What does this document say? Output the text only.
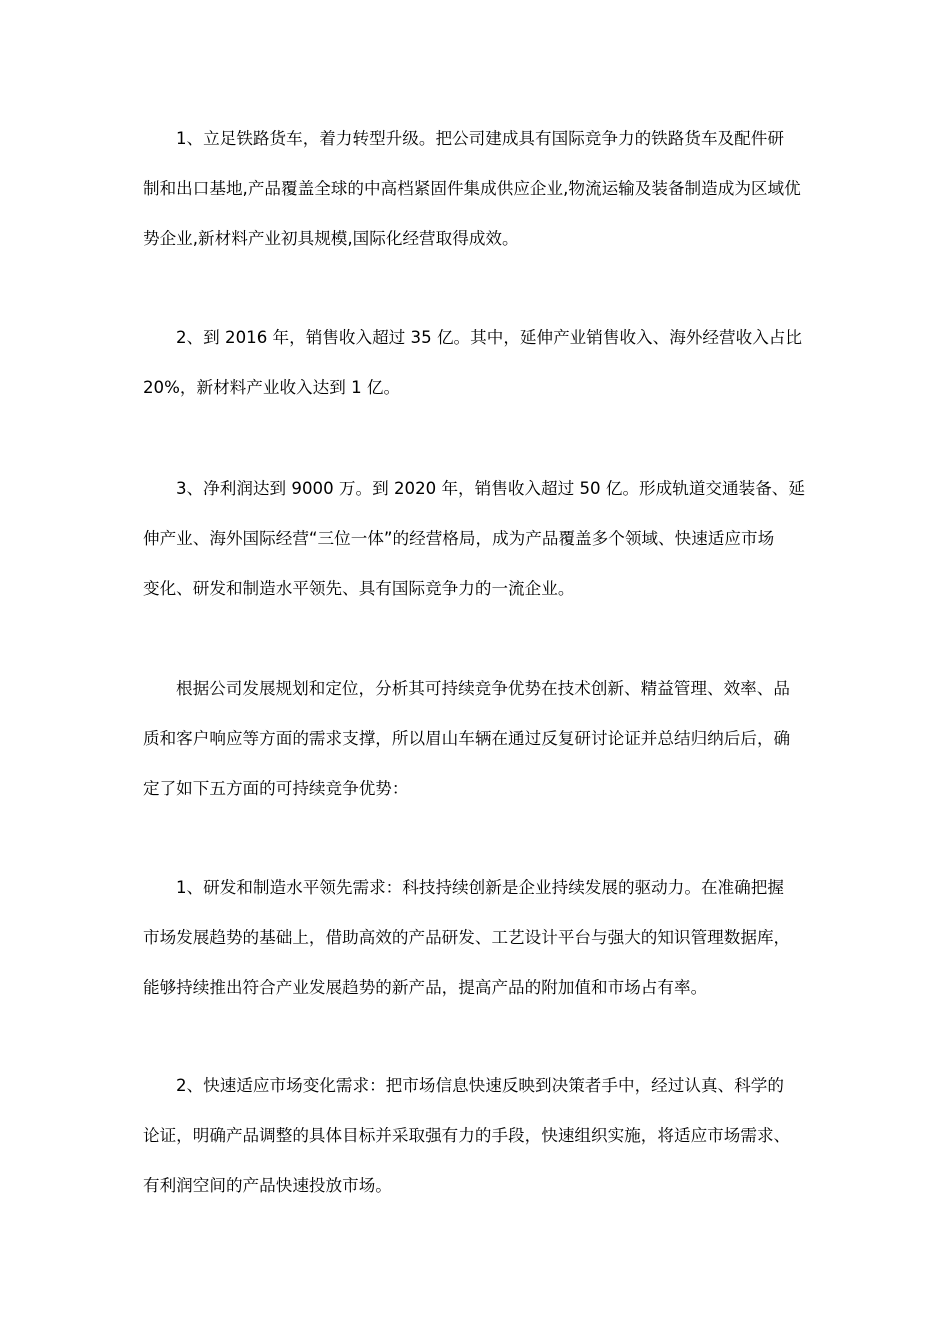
1、立足铁路货车，着力转型升级。把公司建成具有国际竞争力的铁路货车及配件研
制和出口基地,产品覆盖全球的中高档紧固件集成供应企业,物流运输及装备制造成为区域优
势企业,新材料产业初具规模,国际化经营取得成效。

2、到 2016 年，销售收入超过 35 亿。其中，延伸产业销售收入、海外经营收入占比
20%，新材料产业收入达到 1 亿。

3、净利润达到 9000 万。到 2020 年，销售收入超过 50 亿。形成轨道交通装备、延
伸产业、海外国际经营“三位一体”的经营格局，成为产品覆盖多个领域、快速适应市场
变化、研发和制造水平领先、具有国际竞争力的一流企业。

根据公司发展规划和定位，分析其可持续竞争优势在技术创新、精益管理、效率、品
质和客户响应等方面的需求支撑，所以眉山车辆在通过反复研讨论证并总结归纳后后，确
定了如下五方面的可持续竞争优势：

1、研发和制造水平领先需求：科技持续创新是企业持续发展的驱动力。在准确把握
市场发展趋势的基础上，借助高效的产品研发、工艺设计平台与强大的知识管理数据库，
能够持续推出符合产业发展趋势的新产品，提高产品的附加值和市场占有率。

2、快速适应市场变化需求：把市场信息快速反映到决策者手中，经过认真、科学的
论证，明确产品调整的具体目标并采取强有力的手段，快速组织实施，将适应市场需求、
有利润空间的产品快速投放市场。
